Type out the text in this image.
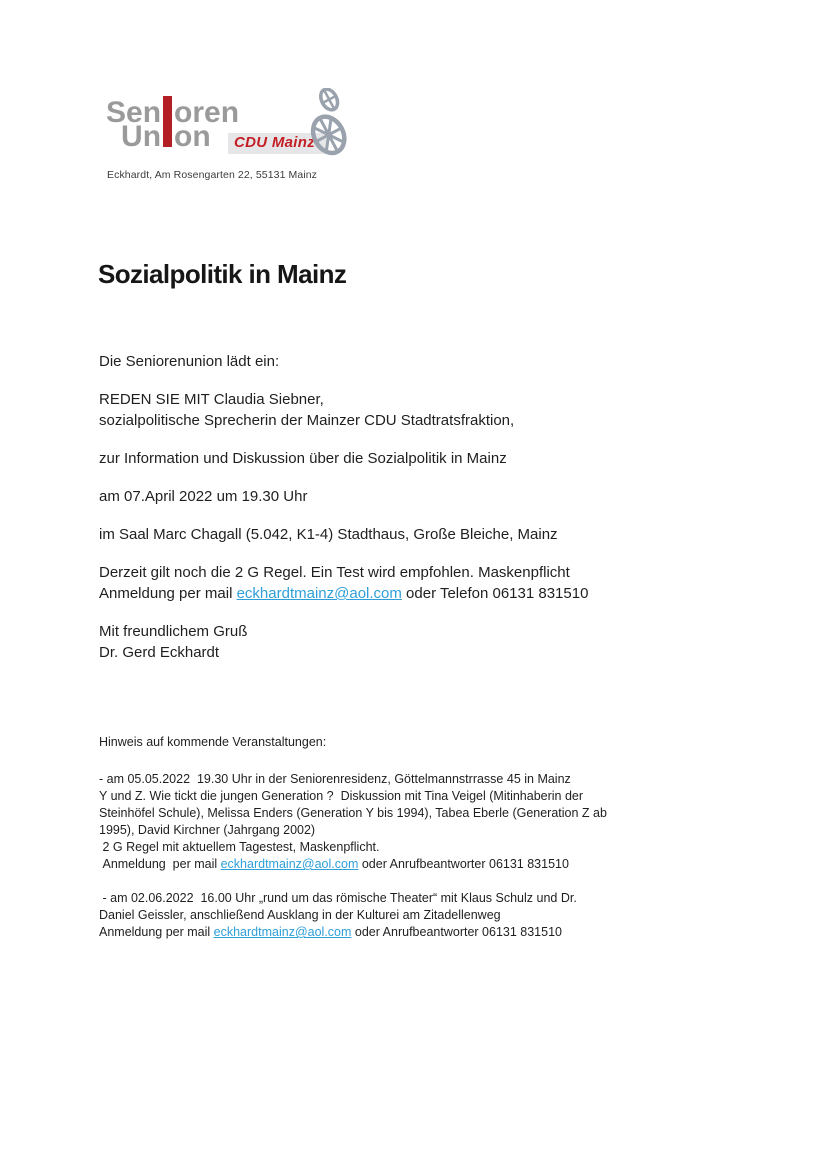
Sen oren
Un on	CDU Mainz
Eckhardt, Am Rosengarten 22, 55131 Mainz
Sozialpolitik in Mainz

Die Seniorenunion lädt ein:

REDEN SIE MIT Claudia Siebner,
sozialpolitische Sprecherin der Mainzer CDU Stadtratsfraktion,

zur Information und Diskussion über die Sozialpolitik in Mainz

am 07.April 2022 um 19.30 Uhr

im Saal Marc Chagall (5.042, K1-4) Stadthaus, Große Bleiche, Mainz

Derzeit gilt noch die 2 G Regel. Ein Test wird empfohlen. Maskenpflicht
Anmeldung per mail eckhardtmainz@aol.com oder Telefon 06131 831510

Mit freundlichem Gruß
Dr. Gerd Eckhardt

Hinweis auf kommende Veranstaltungen:

- am 05.05.2022  19.30 Uhr in der Seniorenresidenz, Göttelmannstrrasse 45 in Mainz
Y und Z. Wie tickt die jungen Generation ?  Diskussion mit Tina Veigel (Mitinhaberin der
Steinhöfel Schule), Melissa Enders (Generation Y bis 1994), Tabea Eberle (Generation Z ab
1995), David Kirchner (Jahrgang 2002)
2 G Regel mit aktuellem Tagestest, Maskenpflicht.
Anmeldung  per mail eckhardtmainz@aol.com oder Anrufbeantworter 06131 831510

- am 02.06.2022  16.00 Uhr „rund um das römische Theater“ mit Klaus Schulz und Dr.
Daniel Geissler, anschließend Ausklang in der Kulturei am Zitadellenweg
Anmeldung per mail eckhardtmainz@aol.com oder Anrufbeantworter 06131 831510
